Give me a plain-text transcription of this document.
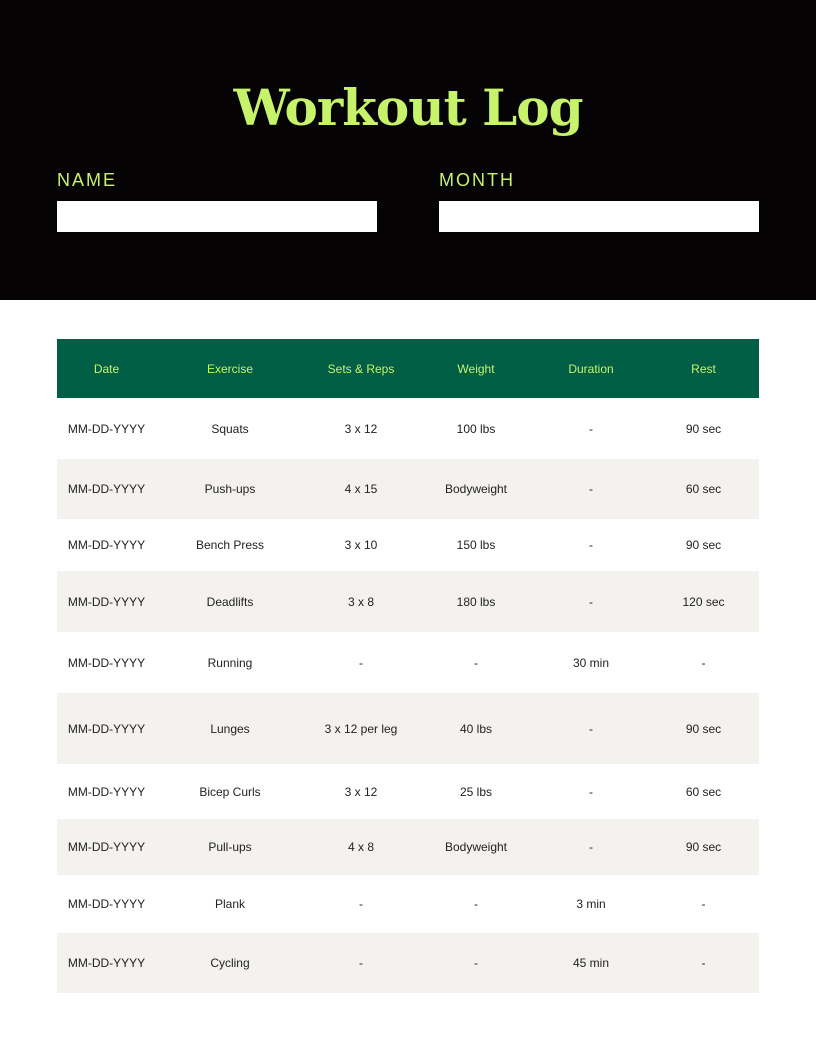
Workout Log
NAME	MONTH
Date	Exercise	Sets & Reps	Weight	Duration	Rest
MM-DD-YYYY	Squats	3 x 12	100 lbs	-	90 sec
MM-DD-YYYY	Push-ups	4 x 15	Bodyweight	-	60 sec
MM-DD-YYYY	Bench Press	3 x 10	150 lbs	-	90 sec
MM-DD-YYYY	Deadlifts	3 x 8	180 lbs	-	120 sec
MM-DD-YYYY	Running	-	-	30 min	-
MM-DD-YYYY	Lunges	3 x 12 per leg	40 lbs	-	90 sec
MM-DD-YYYY	Bicep Curls	3 x 12	25 lbs	-	60 sec
MM-DD-YYYY	Pull-ups	4 x 8	Bodyweight	-	90 sec
MM-DD-YYYY	Plank	-	-	3 min	-
MM-DD-YYYY	Cycling	-	-	45 min	-
